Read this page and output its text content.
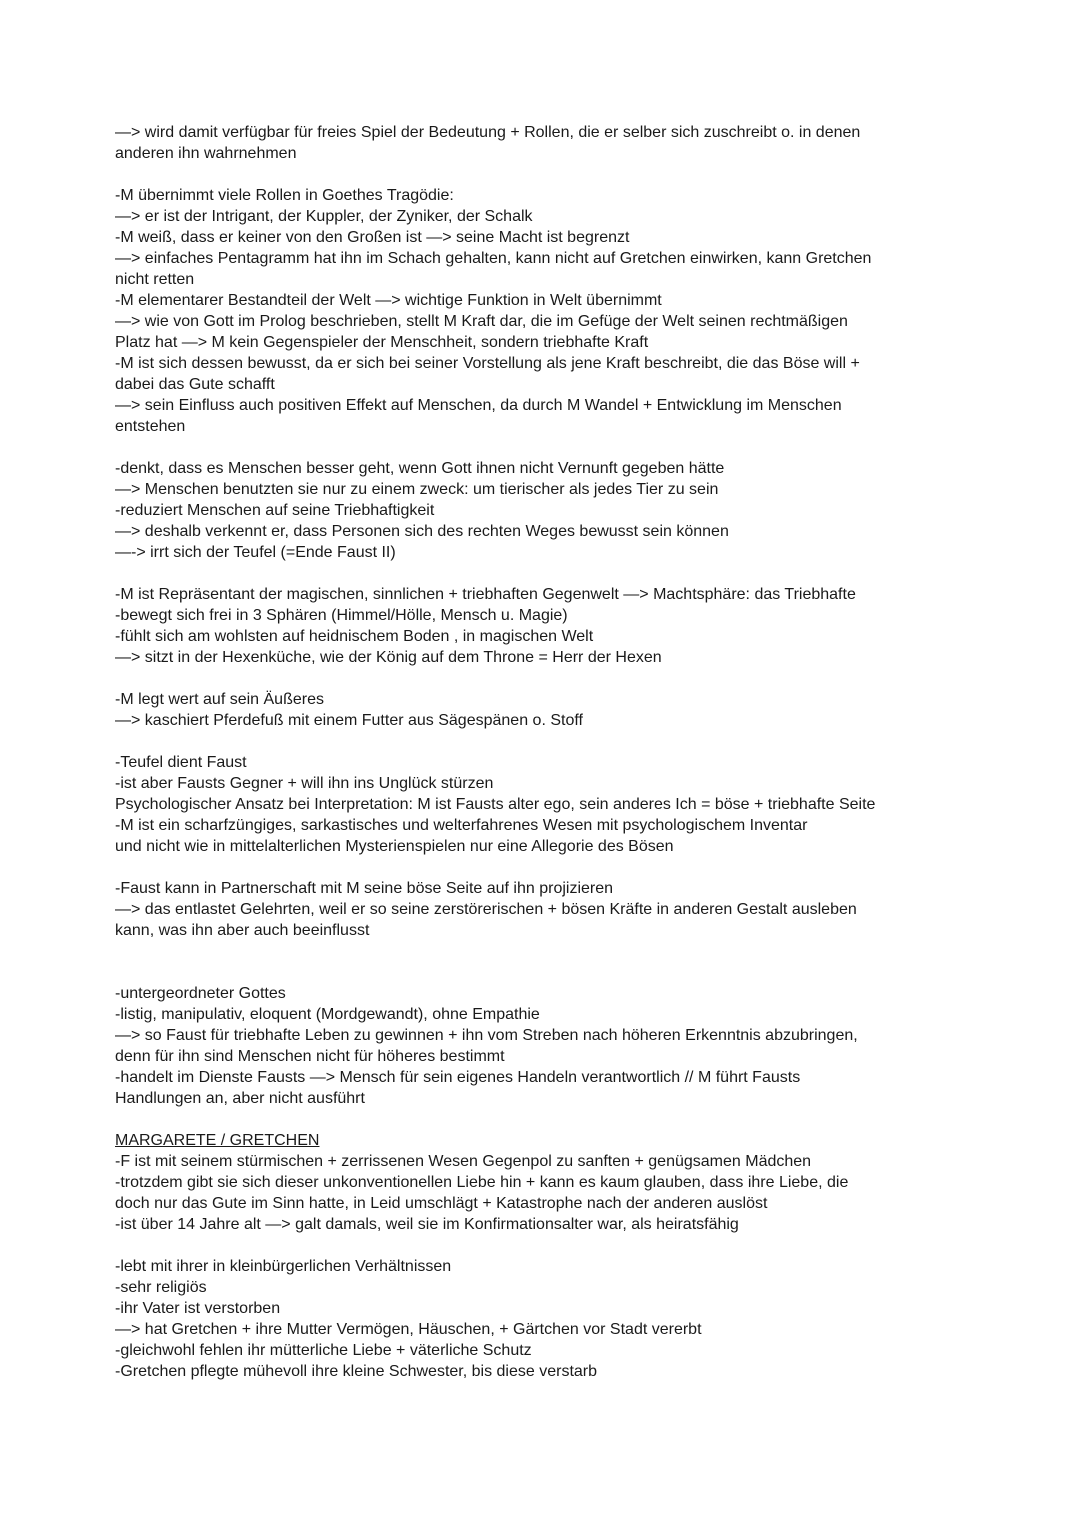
—> wird damit verfügbar für freies Spiel der Bedeutung + Rollen, die er selber sich zuschreibt o. in denen
anderen ihn wahrnehmen
-M übernimmt viele Rollen in Goethes Tragödie:
—> er ist der Intrigant, der Kuppler, der Zyniker, der Schalk
-M weiß, dass er keiner von den Großen ist —> seine Macht ist begrenzt
—> einfaches Pentagramm hat ihn im Schach gehalten, kann nicht auf Gretchen einwirken, kann Gretchen
nicht retten
-M elementarer Bestandteil der Welt —> wichtige Funktion in Welt übernimmt
—> wie von Gott im Prolog beschrieben, stellt M Kraft dar, die im Gefüge der Welt seinen rechtmäßigen
Platz hat —> M kein Gegenspieler der Menschheit, sondern triebhafte Kraft
-M ist sich dessen bewusst, da er sich bei seiner Vorstellung als jene Kraft beschreibt, die das Böse will +
dabei das Gute schafft
—> sein Einfluss auch positiven Effekt auf Menschen, da durch M Wandel + Entwicklung im Menschen
entstehen
-denkt, dass es Menschen besser geht, wenn Gott ihnen nicht Vernunft gegeben hätte
—> Menschen benutzten sie nur zu einem zweck: um tierischer als jedes Tier zu sein
-reduziert Menschen auf seine Triebhaftigkeit
—> deshalb verkennt er, dass Personen sich des rechten Weges bewusst sein können
—-> irrt sich der Teufel (=Ende Faust II)
-M ist Repräsentant der magischen, sinnlichen + triebhaften Gegenwelt —> Machtsphäre: das Triebhafte
-bewegt sich frei in 3 Sphären (Himmel/Hölle, Mensch u. Magie)
-fühlt sich am wohlsten auf heidnischem Boden , in magischen Welt
—> sitzt in der Hexenküche, wie der König auf dem Throne = Herr der Hexen
-M legt wert auf sein Äußeres
—> kaschiert Pferdefuß mit einem Futter aus Sägespänen o. Stoff
-Teufel dient Faust
-ist aber Fausts Gegner + will ihn ins Unglück stürzen
Psychologischer Ansatz bei Interpretation: M ist Fausts alter ego, sein anderes Ich = böse + triebhafte Seite
-M ist ein scharfzüngiges, sarkastisches und welterfahrenes Wesen mit psychologischem Inventar
und nicht wie in mittelalterlichen Mysterienspielen nur eine Allegorie des Bösen
-Faust kann in Partnerschaft mit M seine böse Seite auf ihn projizieren
—> das entlastet Gelehrten, weil er so seine zerstörerischen + bösen Kräfte in anderen Gestalt ausleben
kann, was ihn aber auch beeinflusst
-untergeordneter Gottes
-listig, manipulativ, eloquent (Mordgewandt), ohne Empathie
—> so Faust für triebhafte Leben zu gewinnen + ihn vom Streben nach höheren Erkenntnis abzubringen,
denn für ihn sind Menschen nicht für höheres bestimmt
-handelt im Dienste Fausts —> Mensch für sein eigenes Handeln verantwortlich // M führt Fausts
Handlungen an, aber nicht ausführt
MARGARETE / GRETCHEN
-F ist mit seinem stürmischen + zerrissenen Wesen Gegenpol zu sanften + genügsamen Mädchen
-trotzdem gibt sie sich dieser unkonventionellen Liebe hin + kann es kaum glauben, dass ihre Liebe, die
doch nur das Gute im Sinn hatte, in Leid umschlägt + Katastrophe nach der anderen auslöst
-ist über 14 Jahre alt —> galt damals, weil sie im Konfirmationsalter war, als heiratsfähig
-lebt mit ihrer in kleinbürgerlichen Verhältnissen
-sehr religiös
-ihr Vater ist verstorben
—> hat Gretchen + ihre Mutter Vermögen, Häuschen, + Gärtchen vor Stadt vererbt
-gleichwohl fehlen ihr mütterliche Liebe + väterliche Schutz
-Gretchen pflegte mühevoll ihre kleine Schwester, bis diese verstarb
